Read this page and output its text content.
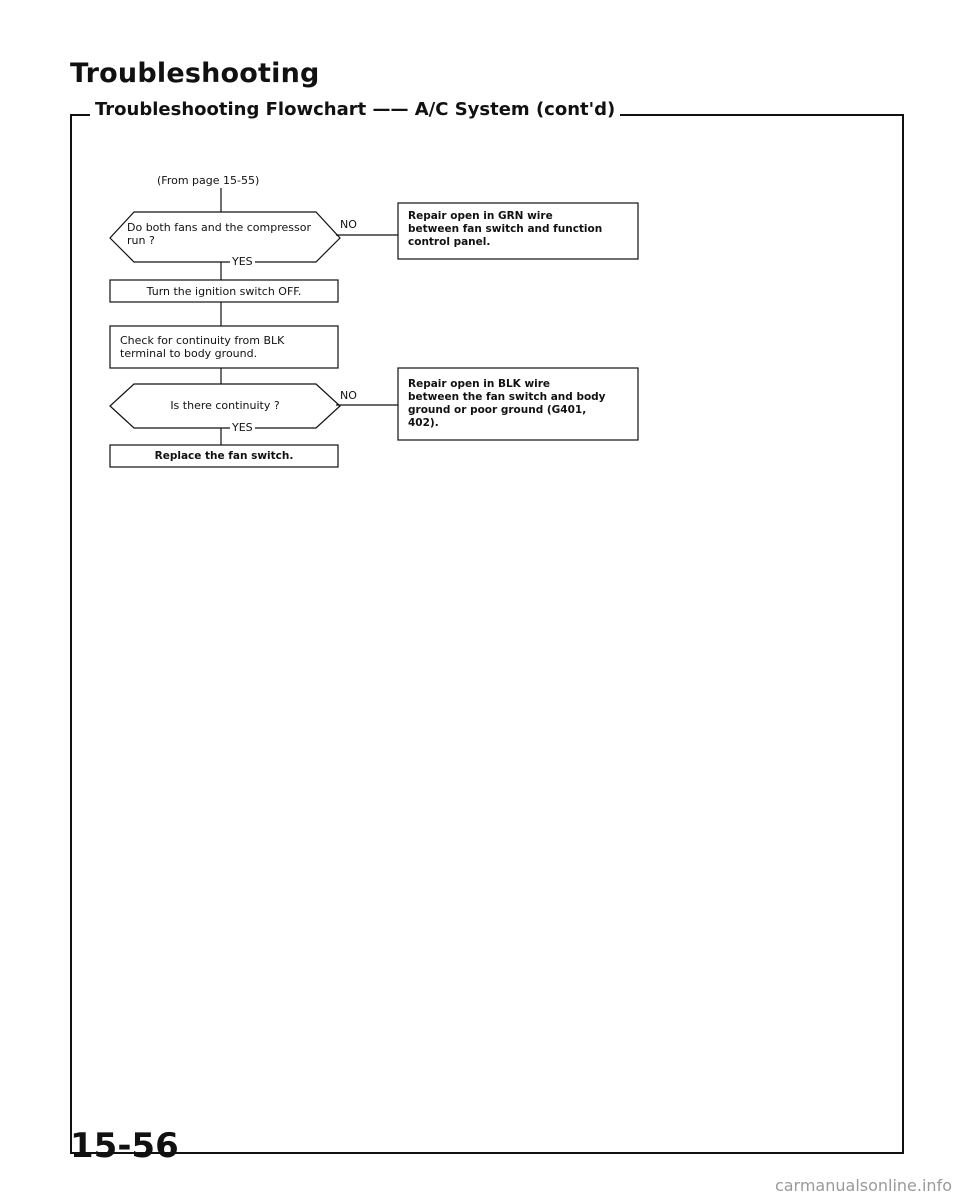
Troubleshooting
Troubleshooting Flowchart —— A/C System (cont'd)
(From page 15-55)
Do both fans and the compressor
run ?
NO
Repair open in GRN wire
between fan switch and function
control panel.
YES
Turn the ignition switch OFF.
Check for continuity from BLK
terminal to body ground.
Is there continuity ?
NO
Repair open in BLK wire
between the fan switch and body
ground or poor ground (G401,
402).
YES
Replace the fan switch.
15-56
carmanualsonline.info
